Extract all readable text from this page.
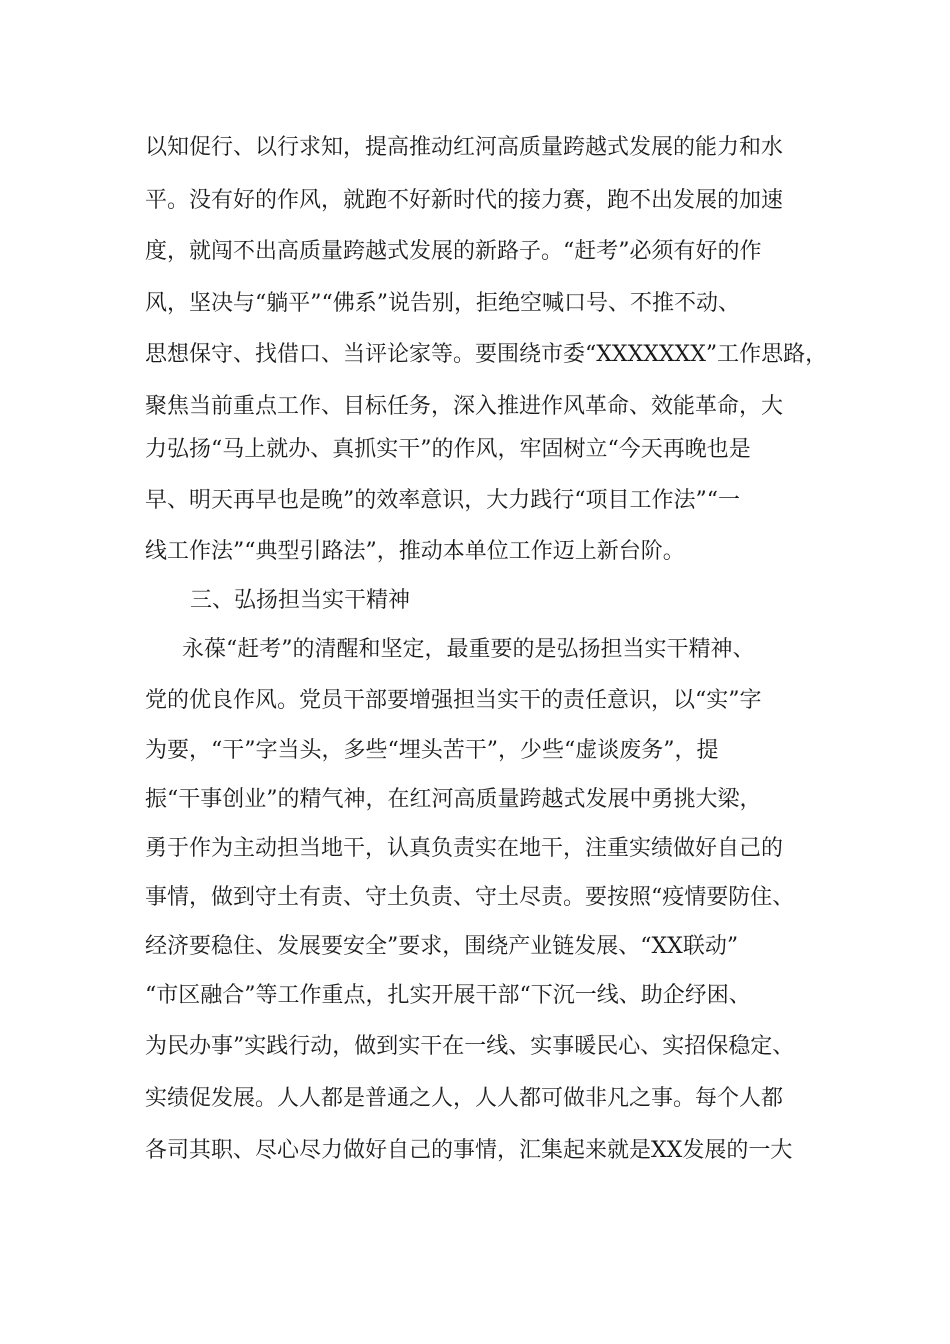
以知促行、以行求知，提高推动红河高质量跨越式发展的能力和水
平。没有好的作风，就跑不好新时代的接力赛，跑不出发展的加速
度，就闯不出高质量跨越式发展的新路子。“赶考”必须有好的作
风，坚决与“躺平”“佛系”说告别，拒绝空喊口号、不推不动、
思想保守、找借口、当评论家等。要围绕市委“XXXXXXX”工作思路，
聚焦当前重点工作、目标任务，深入推进作风革命、效能革命，大
力弘扬“马上就办、真抓实干”的作风，牢固树立“今天再晚也是
早、明天再早也是晚”的效率意识，大力践行“项目工作法”“一
线工作法”“典型引路法”，推动本单位工作迈上新台阶。
三、弘扬担当实干精神
永葆“赶考”的清醒和坚定，最重要的是弘扬担当实干精神、
党的优良作风。党员干部要增强担当实干的责任意识，以“实”字
为要，“干”字当头，多些“埋头苦干”，少些“虚谈废务”，提
振“干事创业”的精气神，在红河高质量跨越式发展中勇挑大梁，
勇于作为主动担当地干，认真负责实在地干，注重实绩做好自己的
事情，做到守土有责、守土负责、守土尽责。要按照“疫情要防住、
经济要稳住、发展要安全”要求，围绕产业链发展、“XX联动”
“市区融合”等工作重点，扎实开展干部“下沉一线、助企纾困、
为民办事”实践行动，做到实干在一线、实事暖民心、实招保稳定、
实绩促发展。人人都是普通之人，人人都可做非凡之事。每个人都
各司其职、尽心尽力做好自己的事情，汇集起来就是XX发展的一大
